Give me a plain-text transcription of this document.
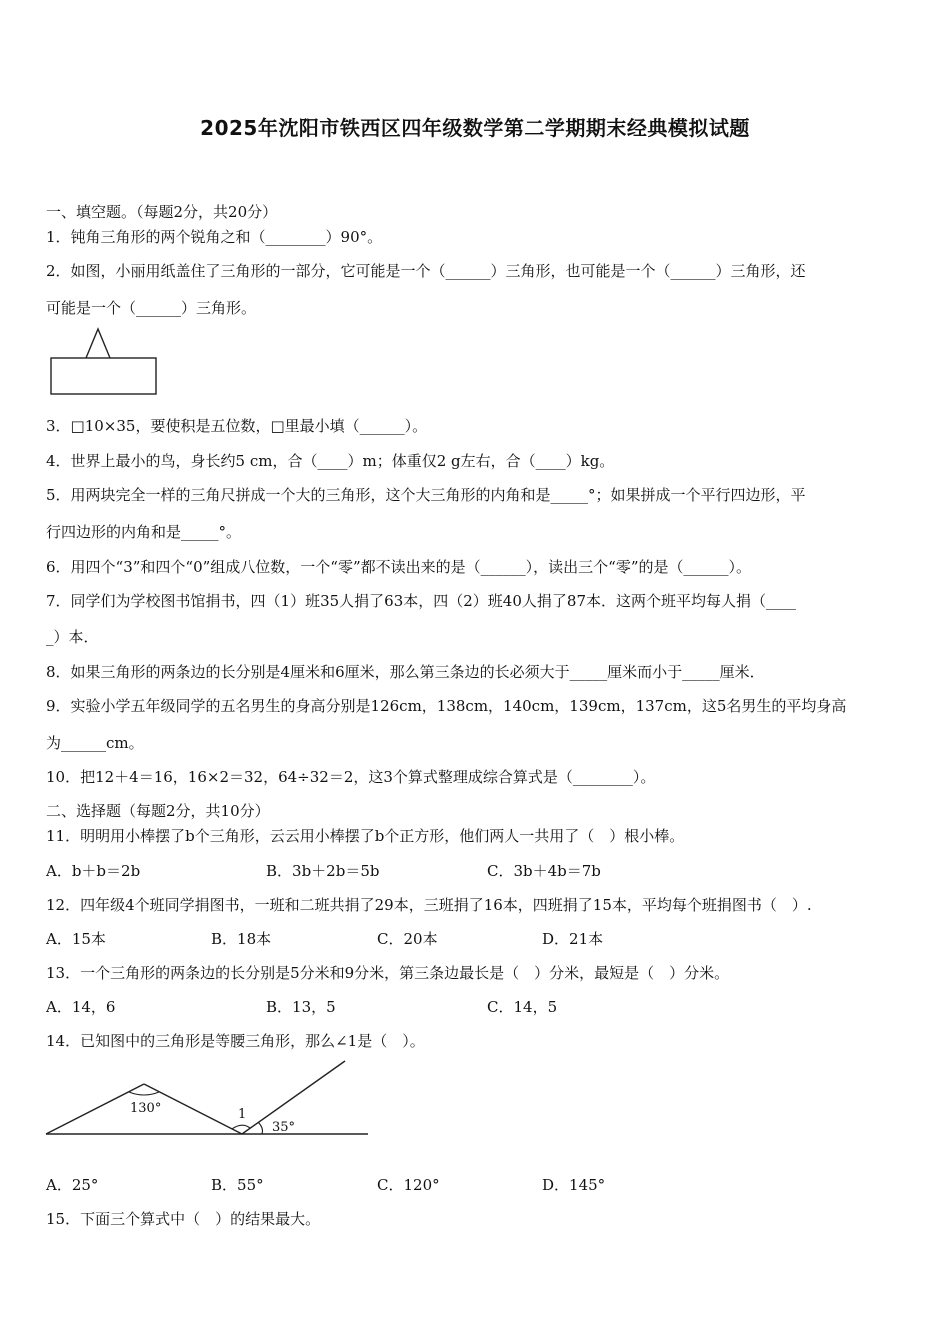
2025年沈阳市铁西区四年级数学第二学期期末经典模拟试题
一、填空题。（每题2分，共20分）
1．钝角三角形的两个锐角之和（________）90°。
2．如图，小丽用纸盖住了三角形的一部分，它可能是一个（______）三角形，也可能是一个（______）三角形，还
可能是一个（______）三角形。
3．□10×35，要使积是五位数，□里最小填（______）。
4．世界上最小的鸟，身长约5 cm，合（____）m；体重仅2 g左右，合（____）kg。
5．用两块完全一样的三角尺拼成一个大的三角形，这个大三角形的内角和是_____°；如果拼成一个平行四边形，平
行四边形的内角和是_____°。
6．用四个“3”和四个“0”组成八位数，一个“零”都不读出来的是（______），读出三个“零”的是（______）。
7．同学们为学校图书馆捐书，四（1）班35人捐了63本，四（2）班40人捐了87本．这两个班平均每人捐（____
_）本．
8．如果三角形的两条边的长分别是4厘米和6厘米，那么第三条边的长必须大于_____厘米而小于_____厘米．
9．实验小学五年级同学的五名男生的身高分别是126cm，138cm，140cm，139cm，137cm，这5名男生的平均身高
为______cm。
10．把12＋4＝16，16×2＝32，64÷32＝2，这3个算式整理成综合算式是（________）。
二、选择题（每题2分，共10分）
11．明明用小棒摆了b个三角形，云云用小棒摆了b个正方形，他们两人一共用了（　）根小棒。
A．b＋b＝2b	B．3b＋2b＝5b	C．3b＋4b＝7b
12．四年级4个班同学捐图书，一班和二班共捐了29本，三班捐了16本，四班捐了15本，平均每个班捐图书（　）.
A．15本	B．18本	C．20本	D．21本
13．一个三角形的两条边的长分别是5分米和9分米，第三条边最长是（　）分米，最短是（　）分米。
A．14，6	B．13，5	C．14，5
14．已知图中的三角形是等腰三角形，那么∠1是（　）。
130°	1
35°
A．25°	B．55°	C．120°	D．145°
15．下面三个算式中（　）的结果最大。
